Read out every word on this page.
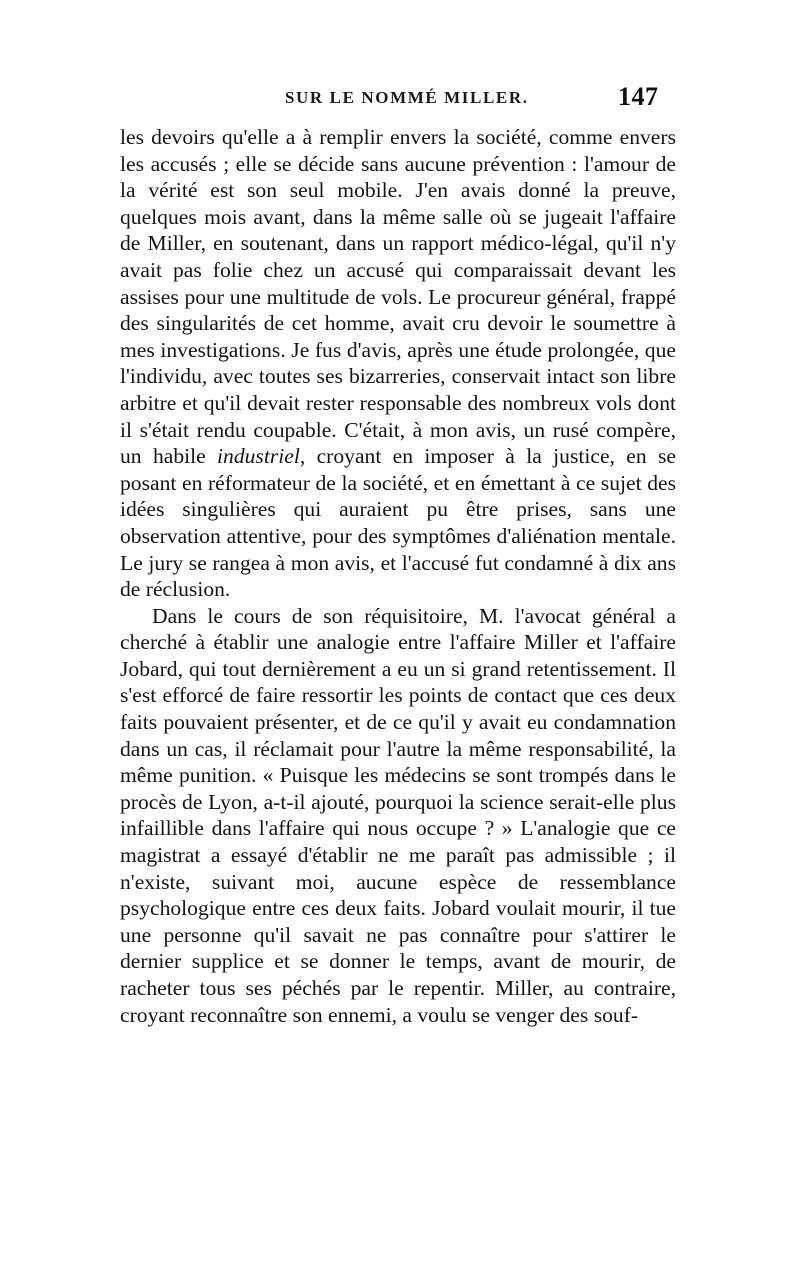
SUR LE NOMMÉ MILLER.	147

les devoirs qu'elle a à remplir envers la société, comme envers les accusés ; elle se décide sans aucune prévention : l'amour de la vérité est son seul mobile. J'en avais donné la preuve, quelques mois avant, dans la même salle où se jugeait l'affaire de Miller, en soutenant, dans un rapport médico-légal, qu'il n'y avait pas folie chez un accusé qui comparaissait devant les assises pour une multitude de vols. Le procureur général, frappé des singularités de cet homme, avait cru devoir le soumettre à mes investigations. Je fus d'avis, après une étude prolongée, que l'individu, avec toutes ses bizarreries, conservait intact son libre arbitre et qu'il devait rester responsable des nombreux vols dont il s'était rendu coupable. C'était, à mon avis, un rusé compère, un habile industriel, croyant en imposer à la justice, en se posant en réformateur de la société, et en émettant à ce sujet des idées singulières qui auraient pu être prises, sans une observation attentive, pour des symptômes d'aliénation mentale. Le jury se rangea à mon avis, et l'accusé fut condamné à dix ans de réclusion.

Dans le cours de son réquisitoire, M. l'avocat général a cherché à établir une analogie entre l'affaire Miller et l'affaire Jobard, qui tout dernièrement a eu un si grand retentissement. Il s'est efforcé de faire ressortir les points de contact que ces deux faits pouvaient présenter, et de ce qu'il y avait eu condamnation dans un cas, il réclamait pour l'autre la même responsabilité, la même punition. « Puisque les médecins se sont trompés dans le procès de Lyon, a-t-il ajouté, pourquoi la science serait-elle plus infaillible dans l'affaire qui nous occupe ? » L'analogie que ce magistrat a essayé d'établir ne me paraît pas admissible ; il n'existe, suivant moi, aucune espèce de ressemblance psychologique entre ces deux faits. Jobard voulait mourir, il tue une personne qu'il savait ne pas connaître pour s'attirer le dernier supplice et se donner le temps, avant de mourir, de racheter tous ses péchés par le repentir. Miller, au contraire, croyant reconnaître son ennemi, a voulu se venger des souf-
